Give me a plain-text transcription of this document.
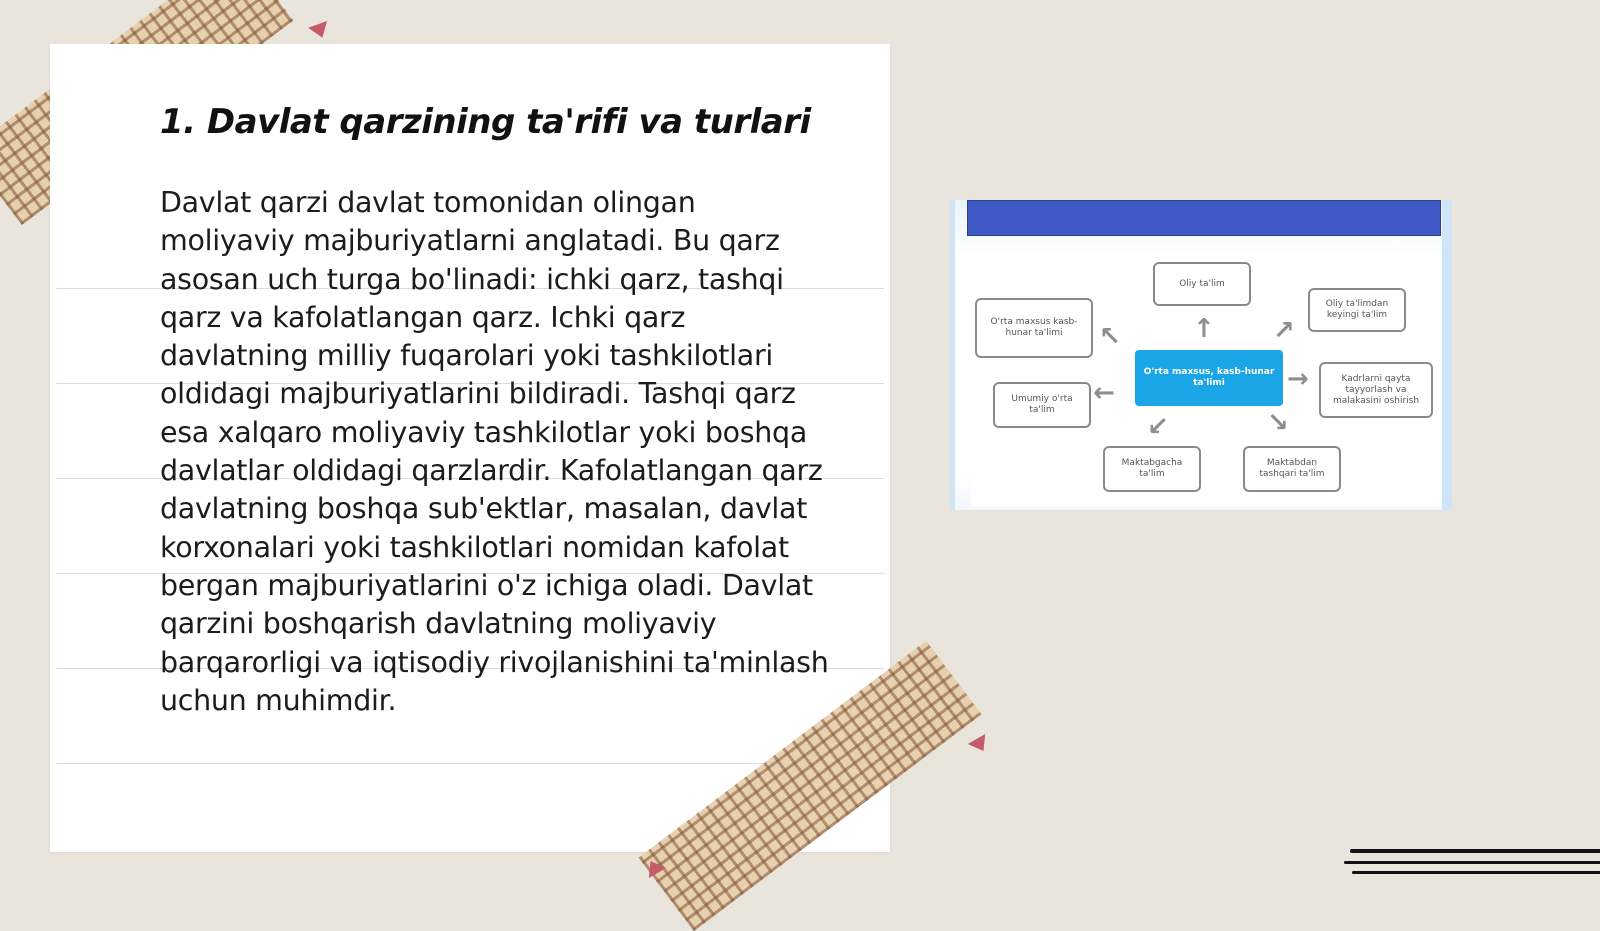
1. Davlat qarzining ta'rifi va turlari

Davlat qarzi davlat tomonidan olingan moliyaviy majburiyatlarni anglatadi. Bu qarz asosan uch turga bo'linadi: ichki qarz, tashqi qarz va kafolatlangan qarz. Ichki qarz davlatning milliy fuqarolari yoki tashkilotlari oldidagi majburiyatlarini bildiradi. Tashqi qarz esa xalqaro moliyaviy tashkilotlar yoki boshqa davlatlar oldidagi qarzlardir. Kafolatlangan qarz davlatning boshqa sub'ektlar, masalan, davlat korxonalari yoki tashkilotlari nomidan kafolat bergan majburiyatlarini o'z ichiga oladi. Davlat qarzini boshqarish davlatning moliyaviy barqarorligi va iqtisodiy rivojlanishini ta'minlash uchun muhimdir.

Oliy ta'lim
Oliy ta'limdan keyingi ta'lim
Kadrlarni qayta tayyorlash va malakasini oshirish
Maktabdan tashqari ta'lim
Maktabgacha ta'lim
Umumiy o'rta ta'lim
O'rta maxsus kasb-hunar ta'limi
O'rta maxsus, kasb-hunar ta'limi
↑ ↗
→
↘
↙
←
↖
